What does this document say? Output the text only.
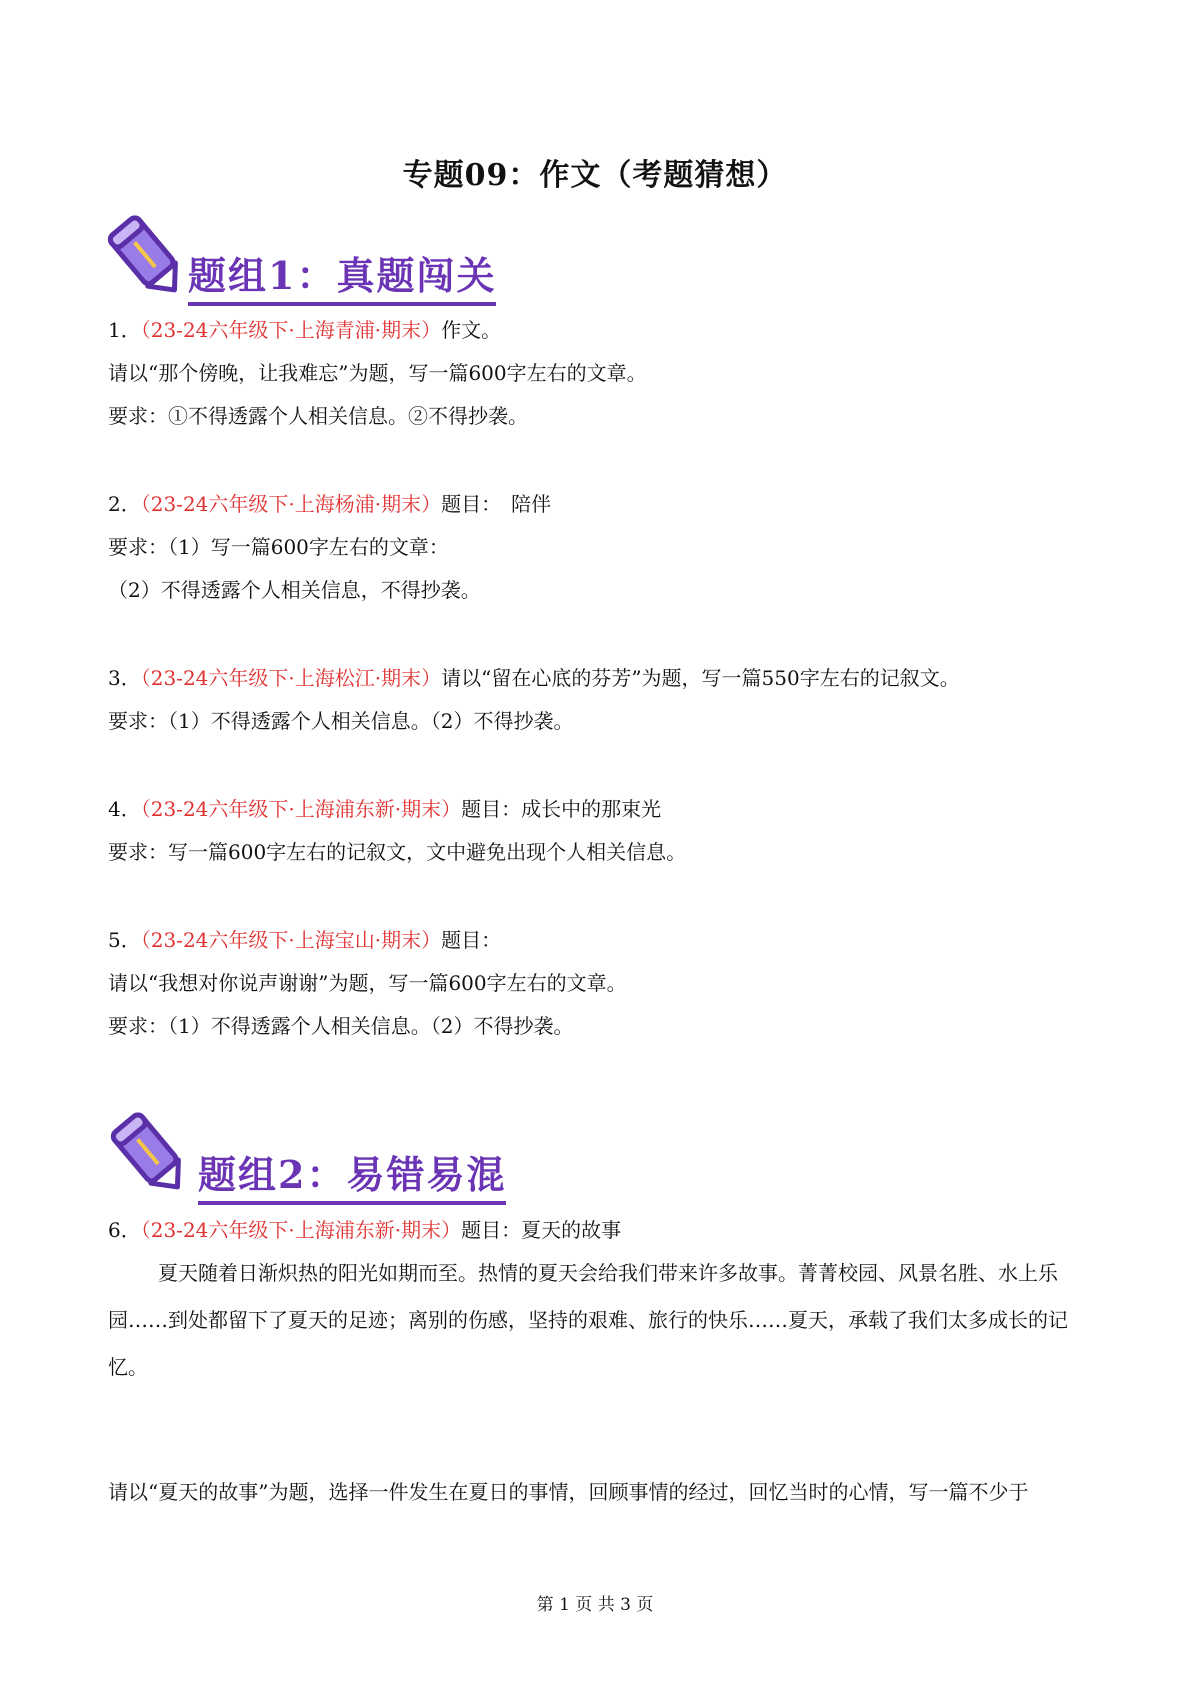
专题09：作文（考题猜想）
题组1：真题闯关
1．（23-24六年级下·上海青浦·期末）作文。
请以“那个傍晚，让我难忘”为题，写一篇600字左右的文章。
要求：①不得透露个人相关信息。②不得抄袭。
2．（23-24六年级下·上海杨浦·期末）题目：　陪伴
要求：（1）写一篇600字左右的文章：
（2）不得透露个人相关信息，不得抄袭。
3．（23-24六年级下·上海松江·期末）请以“留在心底的芬芳”为题，写一篇550字左右的记叙文。
要求：（1）不得透露个人相关信息。（2）不得抄袭。
4．（23-24六年级下·上海浦东新·期末）题目：成长中的那束光
要求：写一篇600字左右的记叙文，文中避免出现个人相关信息。
5．（23-24六年级下·上海宝山·期末）题目：
请以“我想对你说声谢谢”为题，写一篇600字左右的文章。
要求：（1）不得透露个人相关信息。（2）不得抄袭。
题组2：易错易混
6．（23-24六年级下·上海浦东新·期末）题目：夏天的故事
夏天随着日渐炽热的阳光如期而至。热情的夏天会给我们带来许多故事。菁菁校园、风景名胜、水上乐园……到处都留下了夏天的足迹；离别的伤感，坚持的艰难、旅行的快乐……夏天，承载了我们太多成长的记忆。
请以“夏天的故事”为题，选择一件发生在夏日的事情，回顾事情的经过，回忆当时的心情，写一篇不少于
第 1 页 共 3 页
